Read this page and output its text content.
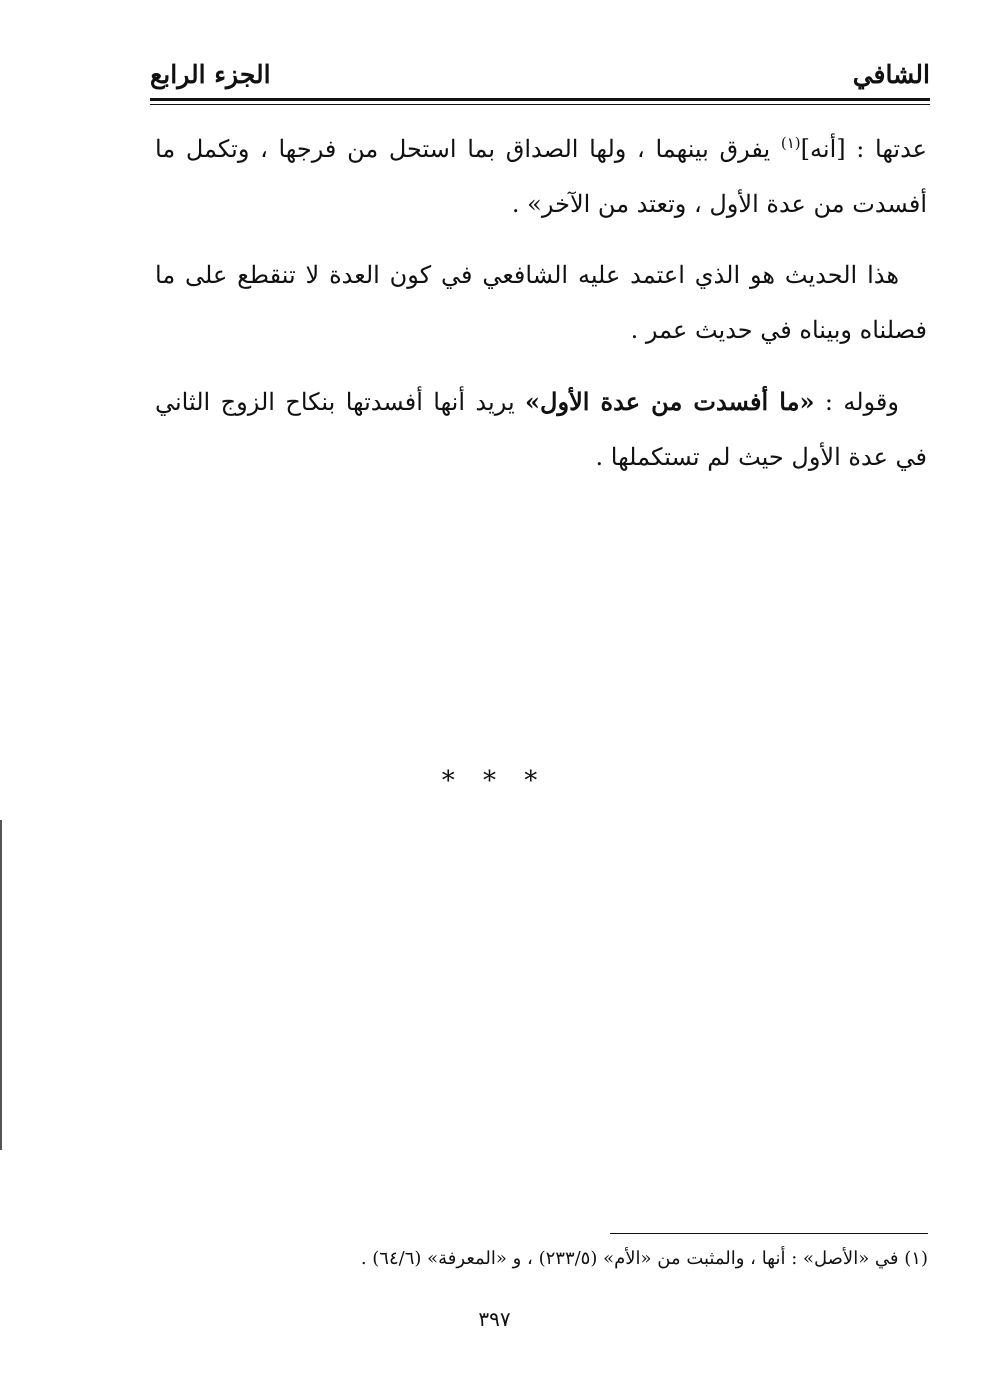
الشافي
الجزء الرابع

عدتها : [أنه]$^{(١)}$ يفرق بينهما ، ولها الصداق بما استحل من فرجها ، وتكمل ما أفسدت من عدة الأول ، وتعتد من الآخر» .

هذا الحديث هو الذي اعتمد عليه الشافعي في كون العدة لا تنقطع على ما فصلناه وبيناه في حديث عمر .

وقوله : «ما أفسدت من عدة الأول» يريد أنها أفسدتها بنكاح الزوج الثاني في عدة الأول حيث لم تستكملها .

* * *
(١) في «الأصل» : أنها ، والمثبت من «الأم» (٢٣٣/٥) ، و «المعرفة» (٦٤/٦) .
٣٩٧
